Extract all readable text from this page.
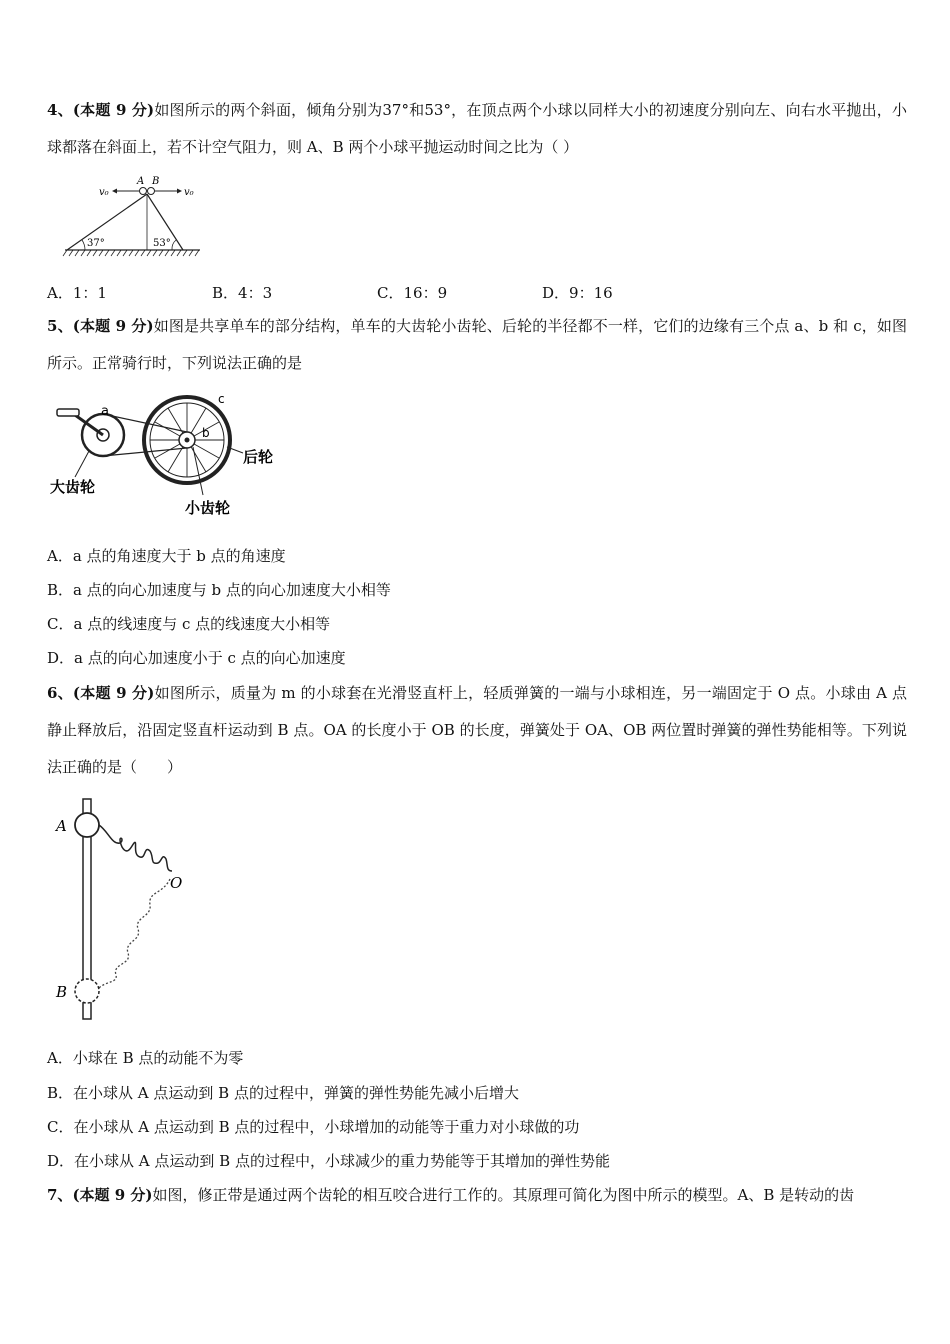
4、(本题 9 分)如图所示的两个斜面，倾角分别为37°和53°，在顶点两个小球以同样大小的初速度分别向左、向右水平抛出，小球都落在斜面上，若不计空气阻力，则 A、B 两个小球平抛运动时间之比为（ ）

A B
v₀	v₀
37°	53°
A．1：1	B．4：3	C．16：9	D．9：16

5、(本题 9 分)如图是共享单车的部分结构，单车的大齿轮小齿轮、后轮的半径都不一样，它们的边缘有三个点 a、b 和 c，如图所示。正常骑行时，下列说法正确的是

a
b
c
大齿轮
后轮
小齿轮
A．a 点的角速度大于 b 点的角速度
B．a 点的向心加速度与 b 点的向心加速度大小相等
C．a 点的线速度与 c 点的线速度大小相等
D．a 点的向心加速度小于 c 点的向心加速度

6、(本题 9 分)如图所示，质量为 m 的小球套在光滑竖直杆上，轻质弹簧的一端与小球相连，另一端固定于 O 点。小球由 A 点静止释放后，沿固定竖直杆运动到 B 点。OA 的长度小于 OB 的长度，弹簧处于 OA、OB 两位置时弹簧的弹性势能相等。下列说法正确的是（　　）

A
O
B
A．小球在 B 点的动能不为零
B．在小球从 A 点运动到 B 点的过程中，弹簧的弹性势能先减小后增大
C．在小球从 A 点运动到 B 点的过程中，小球增加的动能等于重力对小球做的功
D．在小球从 A 点运动到 B 点的过程中，小球减少的重力势能等于其增加的弹性势能

7、(本题 9 分)如图，修正带是通过两个齿轮的相互咬合进行工作的。其原理可简化为图中所示的模型。A、B 是转动的齿
